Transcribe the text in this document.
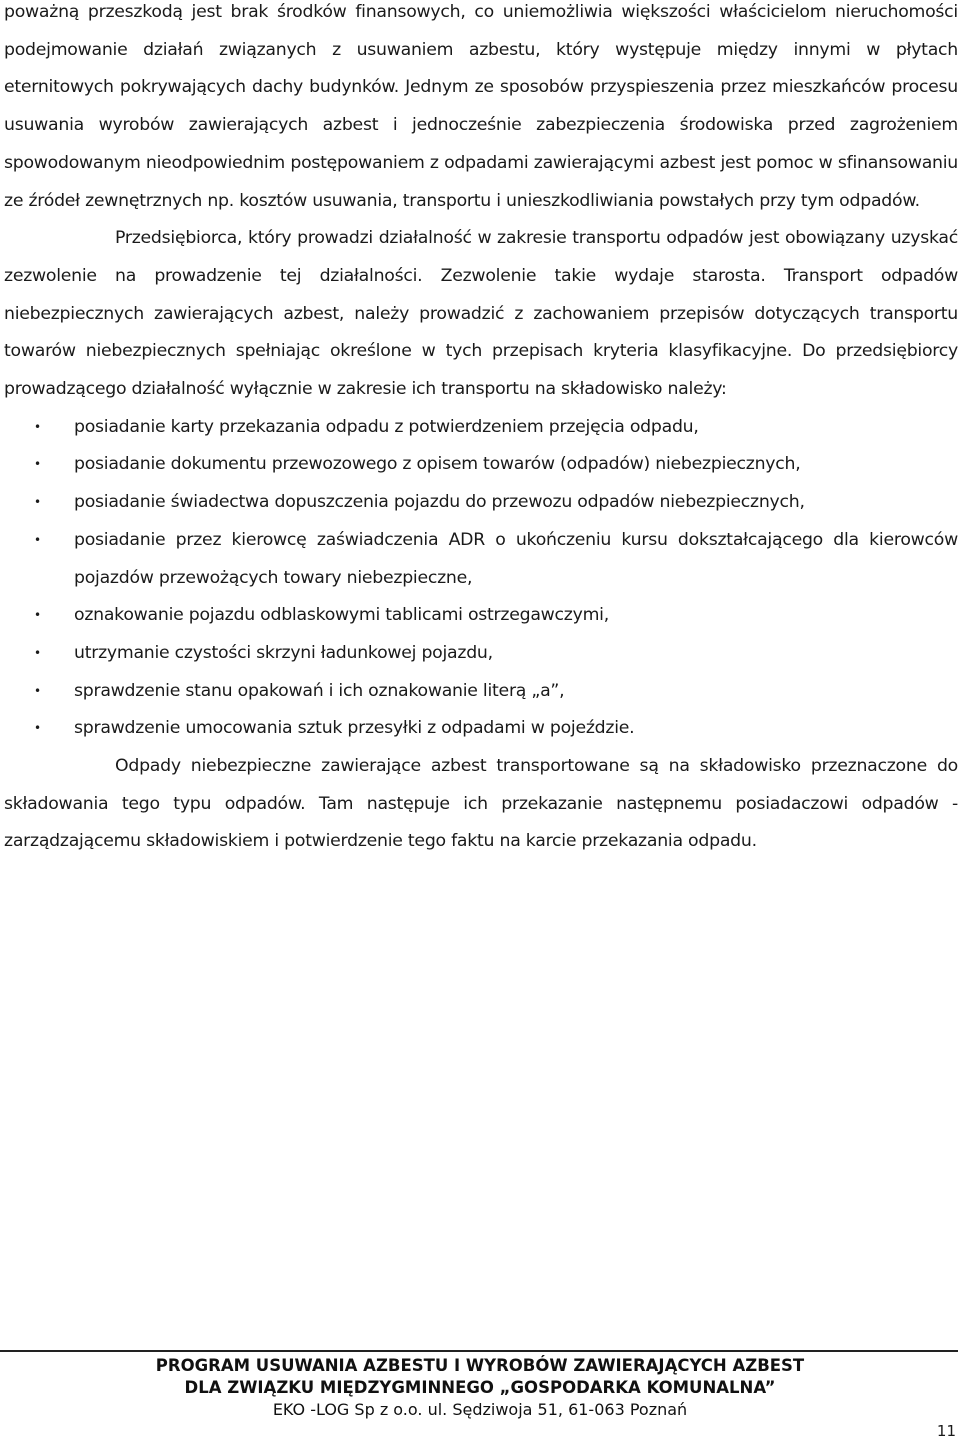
poważną przeszkodą jest brak środków finansowych, co uniemożliwia większości właścicielom nieruchomości podejmowanie działań związanych z usuwaniem azbestu, który występuje między innymi w płytach eternitowych pokrywających dachy budynków. Jednym ze sposobów przyspieszenia przez mieszkańców procesu usuwania wyrobów zawierających azbest i jednocześnie zabezpieczenia środowiska przed zagrożeniem spowodowanym nieodpowiednim postępowaniem z odpadami zawierającymi azbest jest pomoc w sfinansowaniu ze źródeł zewnętrznych np. kosztów usuwania, transportu i unieszkodliwiania powstałych przy tym odpadów.

Przedsiębiorca, który prowadzi działalność w zakresie transportu odpadów jest obowiązany uzyskać zezwolenie na prowadzenie tej działalności. Zezwolenie takie wydaje starosta. Transport odpadów niebezpiecznych zawierających azbest, należy prowadzić z zachowaniem przepisów dotyczących transportu towarów niebezpiecznych spełniając określone w tych przepisach kryteria klasyfikacyjne. Do przedsiębiorcy prowadzącego działalność wyłącznie w zakresie ich transportu na składowisko należy:

• posiadanie karty przekazania odpadu z potwierdzeniem przejęcia odpadu,
• posiadanie dokumentu przewozowego z opisem towarów (odpadów) niebezpiecznych,
• posiadanie świadectwa dopuszczenia pojazdu do przewozu odpadów niebezpiecznych,
• posiadanie przez kierowcę zaświadczenia ADR o ukończeniu kursu dokształcającego dla kierowców pojazdów przewożących towary niebezpieczne,
• oznakowanie pojazdu odblaskowymi tablicami ostrzegawczymi,
• utrzymanie czystości skrzyni ładunkowej pojazdu,
• sprawdzenie stanu opakowań i ich oznakowanie literą „a”,
• sprawdzenie umocowania sztuk przesyłki z odpadami w pojeździe.

Odpady niebezpieczne zawierające azbest transportowane są na składowisko przeznaczone do składowania tego typu odpadów. Tam następuje ich przekazanie następnemu posiadaczowi odpadów -zarządzającemu składowiskiem i potwierdzenie tego faktu na karcie przekazania odpadu.

PROGRAM USUWANIA AZBESTU I WYROBÓW ZAWIERAJĄCYCH AZBEST
DLA ZWIĄZKU MIĘDZYGMINNEGO „GOSPODARKA KOMUNALNA”
EKO -LOG Sp z o.o. ul. Sędziwoja 51, 61-063 Poznań
11
